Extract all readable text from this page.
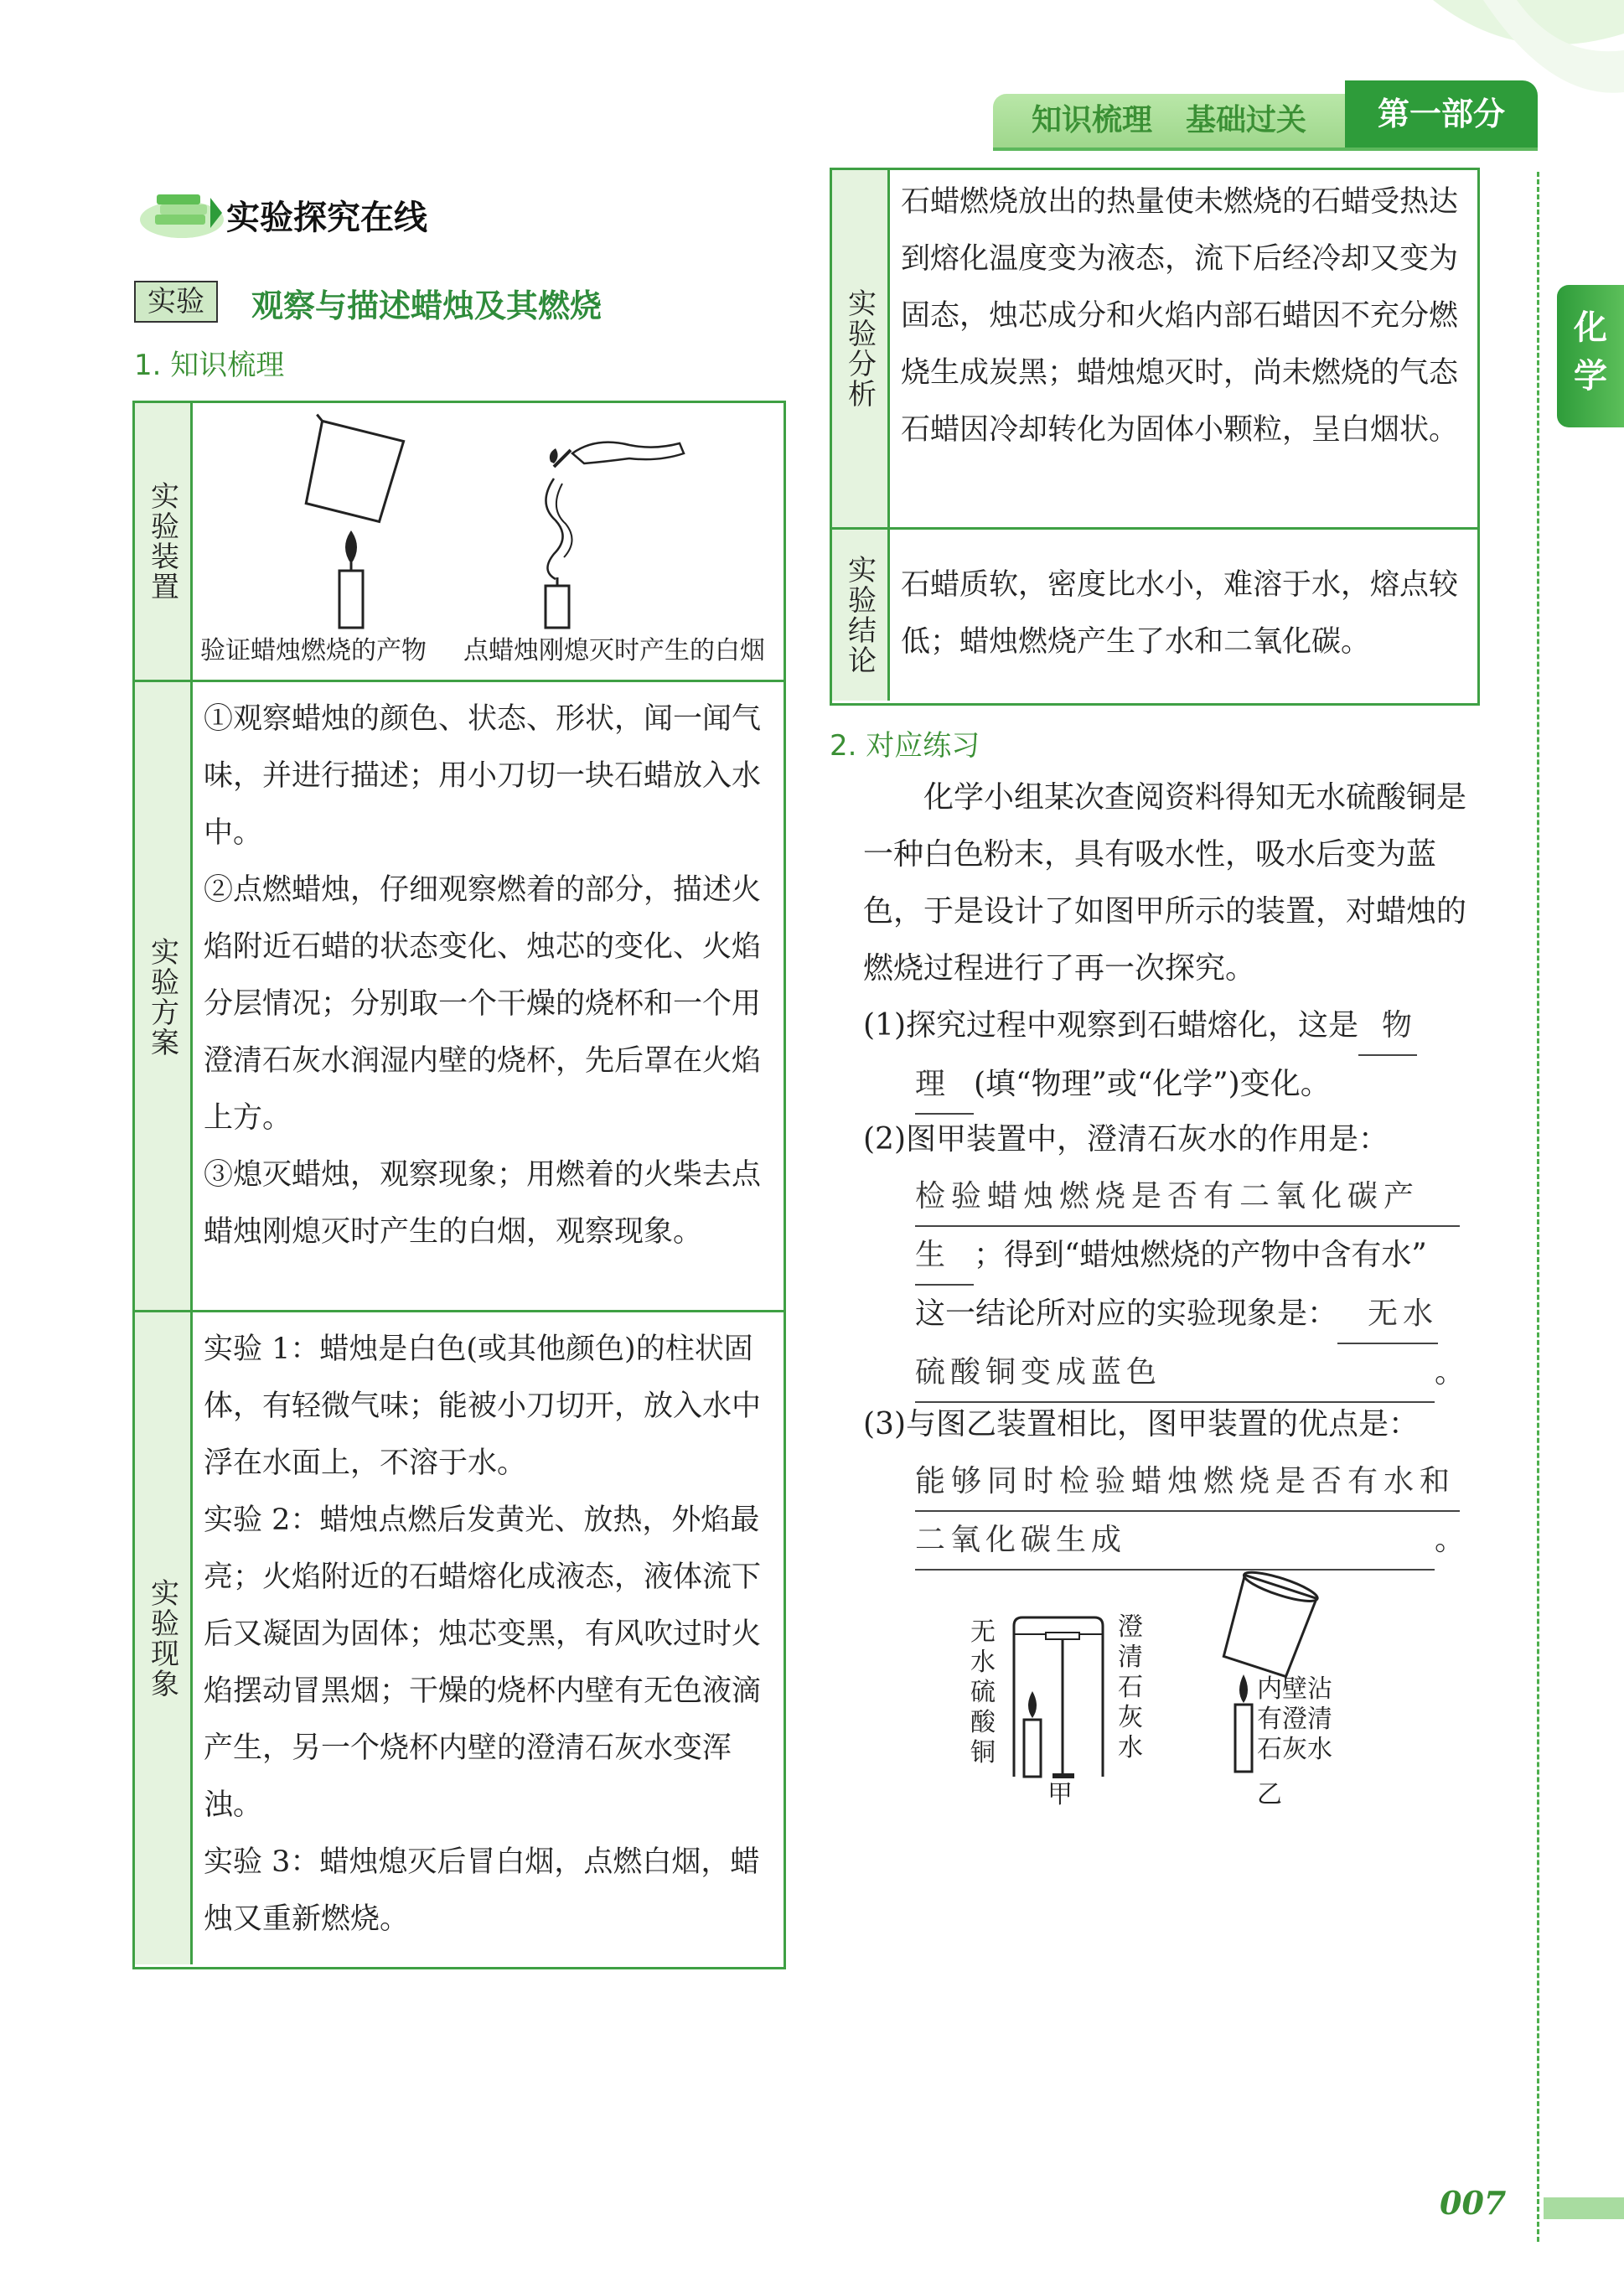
知识梳理 基础过关	第一部分
化
学
实验探究在线
实验	观察与描述蜡烛及其燃烧
1. 知识梳理
实验装置
验证蜡烛燃烧的产物 点蜡烛刚熄灭时产生的白烟
实验方案

①观察蜡烛的颜色、状态、形状，闻一闻气味，并进行描述；用小刀切一块石蜡放入水中。

②点燃蜡烛，仔细观察燃着的部分，描述火焰附近石蜡的状态变化、烛芯的变化、火焰分层情况；分别取一个干燥的烧杯和一个用澄清石灰水润湿内壁的烧杯，先后罩在火焰上方。

③熄灭蜡烛，观察现象；用燃着的火柴去点蜡烛刚熄灭时产生的白烟，观察现象。

实验现象

实验 1：蜡烛是白色(或其他颜色)的柱状固体，有轻微气味；能被小刀切开，放入水中浮在水面上，不溶于水。

实验 2：蜡烛点燃后发黄光、放热，外焰最亮；火焰附近的石蜡熔化成液态，液体流下后又凝固为固体；烛芯变黑，有风吹过时火焰摆动冒黑烟；干燥的烧杯内壁有无色液滴产生，另一个烧杯内壁的澄清石灰水变浑浊。

实验 3：蜡烛熄灭后冒白烟，点燃白烟，蜡烛又重新燃烧。

实验分析
石蜡燃烧放出的热量使未燃烧的石蜡受热达到熔化温度变为液态，流下后经冷却又变为固态，烛芯成分和火焰内部石蜡因不充分燃烧生成炭黑；蜡烛熄灭时，尚未燃烧的气态石蜡因冷却转化为固体小颗粒，呈白烟状。
实验结论 石蜡质软，密度比水小，难溶于水，熔点较低；蜡烛燃烧产生了水和二氧化碳。
2. 对应练习
化学小组某次查阅资料得知无水硫酸铜是一种白色粉末，具有吸水性，吸水后变为蓝色，于是设计了如图甲所示的装置，对蜡烛的燃烧过程进行了再一次探究。
(1)探究过程中观察到石蜡熔化，这是 物
理 (填“物理”或“化学”)变化。
(2)图甲装置中，澄清石灰水的作用是：
检验蜡烛燃烧是否有二氧化碳产
生 ；得到“蜡烛燃烧的产物中含有水”
这一结论所对应的实验现象是： 无水
硫酸铜变成蓝色	。
(3)与图乙装置相比，图甲装置的优点是：
能够同时检验蜡烛燃烧是否有水和
二氧化碳生成	。
无水硫酸铜
澄清石灰水
甲
内壁沾有澄清石灰水
乙
007
